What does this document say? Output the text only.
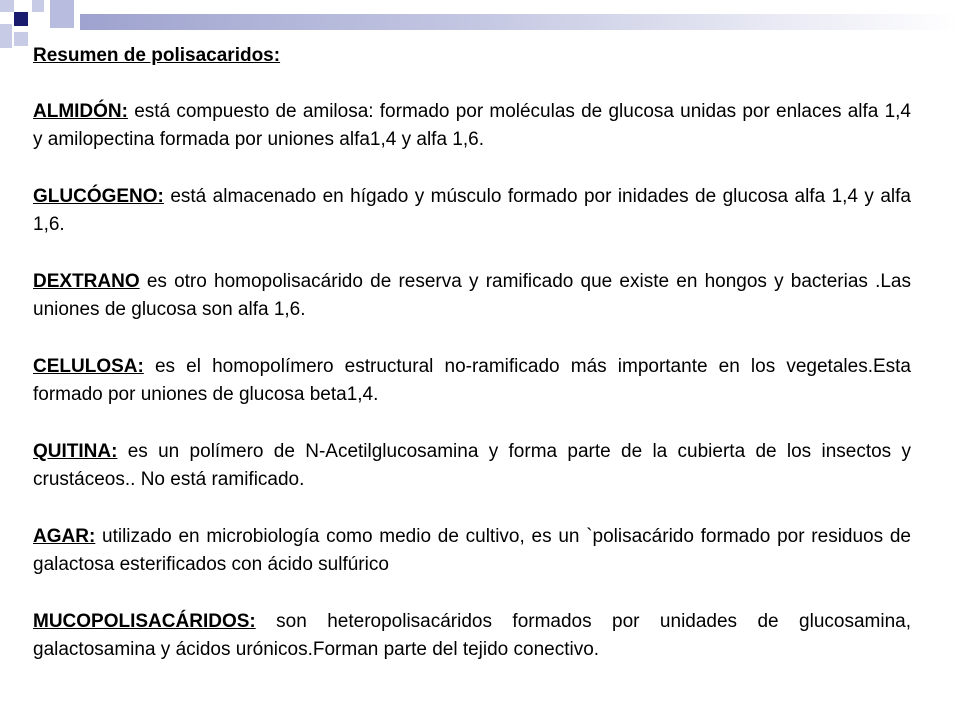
Resumen de polisacaridos:

ALMIDÓN: está compuesto de amilosa: formado por moléculas de glucosa unidas por enlaces alfa 1,4 y amilopectina formada por uniones alfa1,4 y alfa 1,6.

GLUCÓGENO: está almacenado en hígado y músculo formado por inidades de glucosa alfa 1,4 y alfa 1,6.

DEXTRANO es otro homopolisacárido de reserva y ramificado que existe en hongos y bacterias .Las uniones de glucosa son alfa 1,6.

CELULOSA: es el homopolímero estructural no-ramificado más importante en los vegetales.Esta formado por uniones de glucosa beta1,4.

QUITINA: es un polímero de N-Acetilglucosamina y forma parte de la cubierta de los insectos y crustáceos.. No está ramificado.

AGAR: utilizado en microbiología como medio de cultivo, es un `polisacárido formado por residuos de galactosa esterificados con ácido sulfúrico

MUCOPOLISACÁRIDOS: son heteropolisacáridos formados por unidades de glucosamina, galactosamina y ácidos urónicos.Forman parte del tejido conectivo.
